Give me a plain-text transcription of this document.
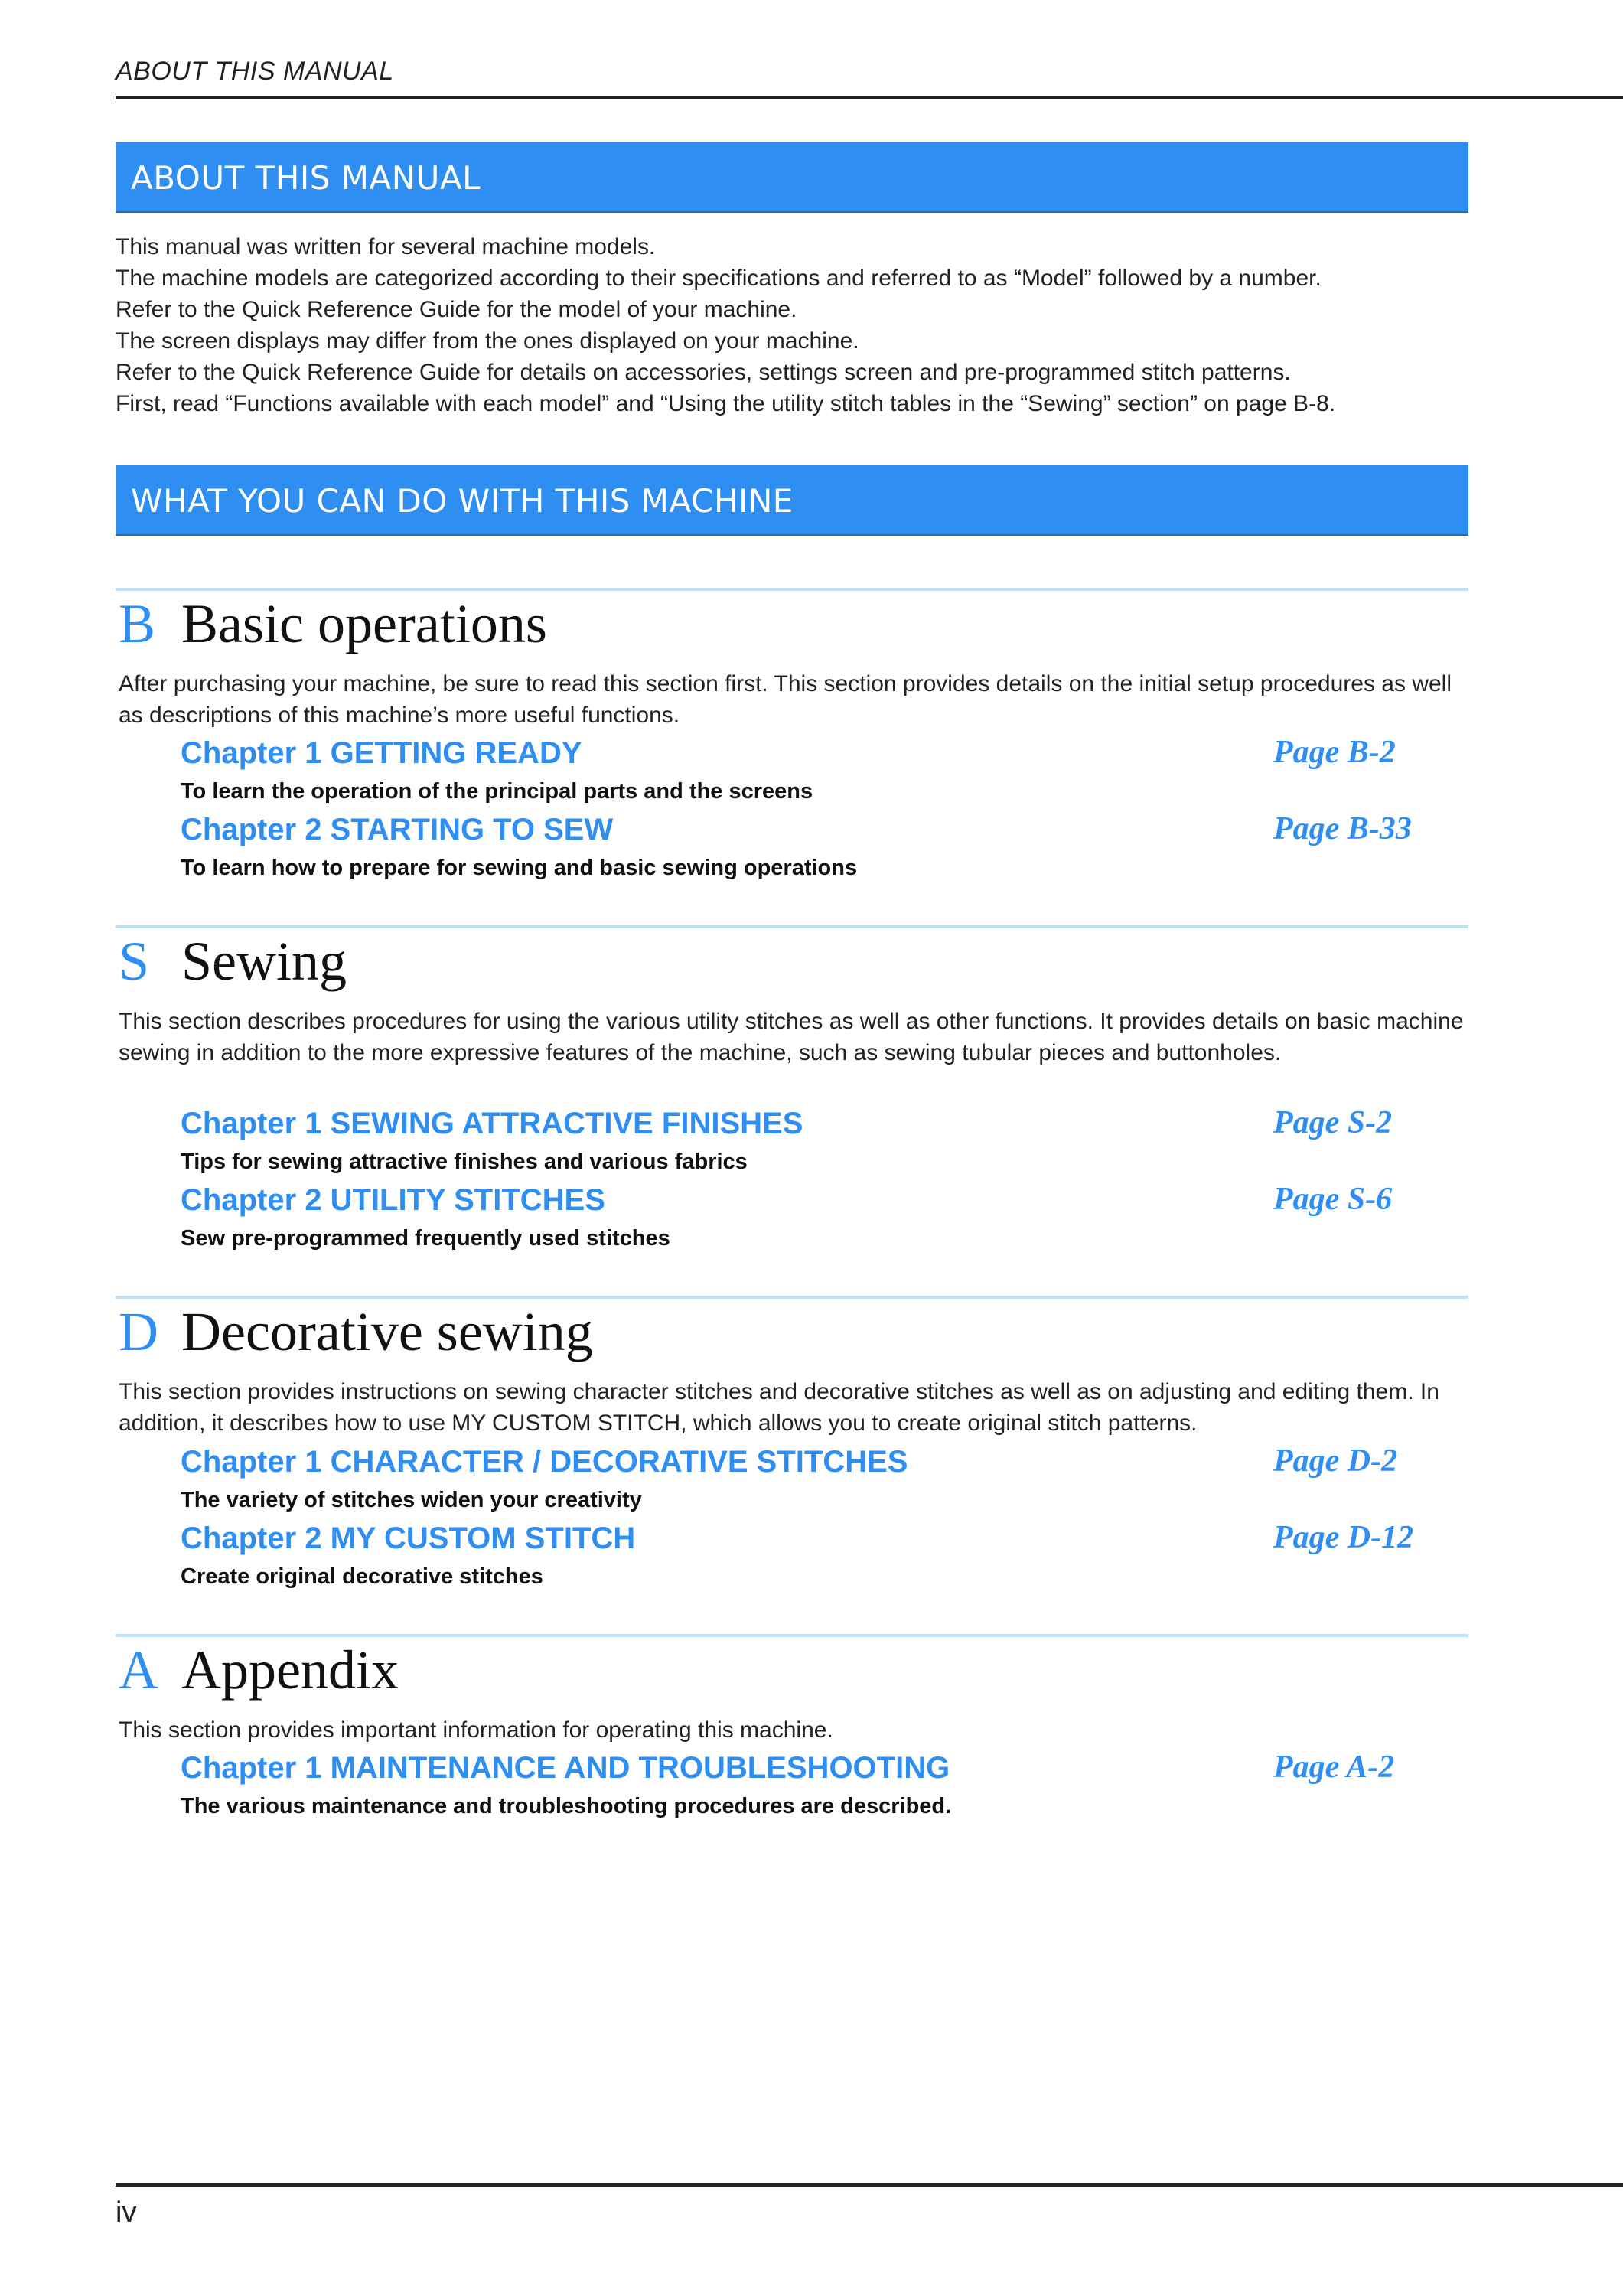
ABOUT THIS MANUAL
ABOUT THIS MANUAL
This manual was written for several machine models.
The machine models are categorized according to their specifications and referred to as “Model” followed by a number.
Refer to the Quick Reference Guide for the model of your machine.
The screen displays may differ from the ones displayed on your machine.
Refer to the Quick Reference Guide for details on accessories, settings screen and pre-programmed stitch patterns.
First, read “Functions available with each model” and “Using the utility stitch tables in the “Sewing” section” on page B-8.
WHAT YOU CAN DO WITH THIS MACHINE
B Basic operations
After purchasing your machine, be sure to read this section first. This section provides details on the initial setup procedures as well as descriptions of this machine’s more useful functions.
Chapter 1 GETTING READY	Page B-2
To learn the operation of the principal parts and the screens
Chapter 2 STARTING TO SEW	Page B-33
To learn how to prepare for sewing and basic sewing operations
S Sewing
This section describes procedures for using the various utility stitches as well as other functions. It provides details on basic machine sewing in addition to the more expressive features of the machine, such as sewing tubular pieces and buttonholes.
Chapter 1 SEWING ATTRACTIVE FINISHES	Page S-2
Tips for sewing attractive finishes and various fabrics
Chapter 2 UTILITY STITCHES	Page S-6
Sew pre-programmed frequently used stitches
D Decorative sewing
This section provides instructions on sewing character stitches and decorative stitches as well as on adjusting and editing them. In addition, it describes how to use MY CUSTOM STITCH, which allows you to create original stitch patterns.
Chapter 1 CHARACTER / DECORATIVE STITCHES	Page D-2
The variety of stitches widen your creativity
Chapter 2 MY CUSTOM STITCH	Page D-12
Create original decorative stitches
A Appendix
This section provides important information for operating this machine.
Chapter 1 MAINTENANCE AND TROUBLESHOOTING	Page A-2
The various maintenance and troubleshooting procedures are described.
iv
